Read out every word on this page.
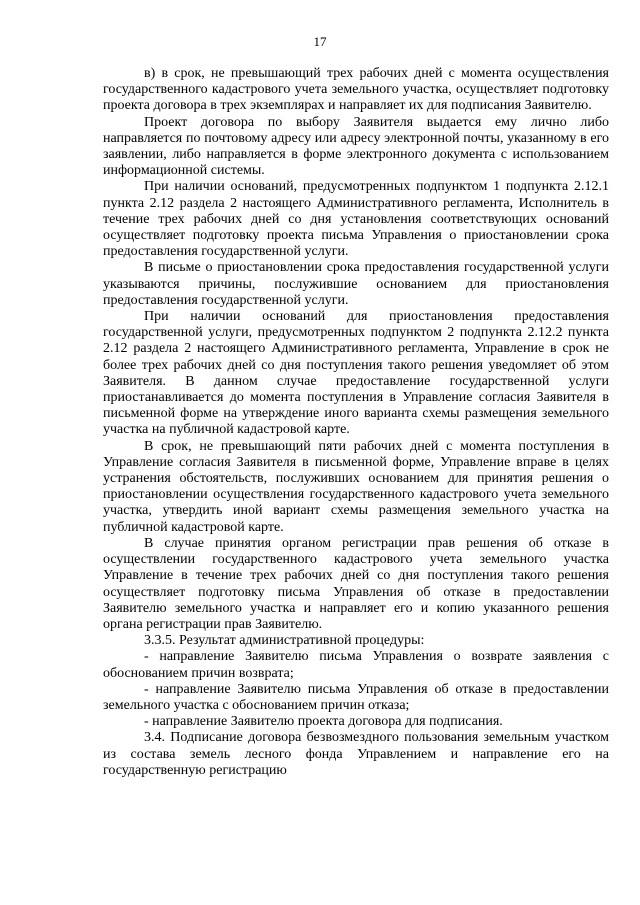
17

в) в срок, не превышающий трех рабочих дней с момента осуществления государственного кадастрового учета земельного участка, осуществляет подготовку проекта договора в трех экземплярах и направляет их для подписания Заявителю.

Проект договора по выбору Заявителя выдается ему лично либо направляется по почтовому адресу или адресу электронной почты, указанному в его заявлении, либо направляется в форме электронного документа с использованием информационной системы.

При наличии оснований, предусмотренных подпунктом 1 подпункта 2.12.1 пункта 2.12 раздела 2 настоящего Административного регламента, Исполнитель в течение трех рабочих дней со дня установления соответствующих оснований осуществляет подготовку проекта письма Управления о приостановлении срока предоставления государственной услуги.

В письме о приостановлении срока предоставления государственной услуги указываются причины, послужившие основанием для приостановления предоставления государственной услуги.

При наличии оснований для приостановления предоставления государственной услуги, предусмотренных подпунктом 2 подпункта 2.12.2 пункта 2.12 раздела 2 настоящего Административного регламента, Управление в срок не более трех рабочих дней со дня поступления такого решения уведомляет об этом Заявителя. В данном случае предоставление государственной услуги приостанавливается до момента поступления в Управление согласия Заявителя в письменной форме на утверждение иного варианта схемы размещения земельного участка на публичной кадастровой карте.

В срок, не превышающий пяти рабочих дней с момента поступления в Управление согласия Заявителя в письменной форме, Управление вправе в целях устранения обстоятельств, послуживших основанием для принятия решения о приостановлении осуществления государственного кадастрового учета земельного участка, утвердить иной вариант схемы размещения земельного участка на публичной кадастровой карте.

В случае принятия органом регистрации прав решения об отказе в осуществлении государственного кадастрового учета земельного участка Управление в течение трех рабочих дней со дня поступления такого решения осуществляет подготовку письма Управления об отказе в предоставлении Заявителю земельного участка и направляет его и копию указанного решения органа регистрации прав Заявителю.

3.3.5. Результат административной процедуры:

- направление Заявителю письма Управления о возврате заявления с обоснованием причин возврата;

- направление Заявителю письма Управления об отказе в предоставлении земельного участка с обоснованием причин отказа;

- направление Заявителю проекта договора для подписания.

3.4. Подписание договора безвозмездного пользования земельным участком из состава земель лесного фонда Управлением и направление его на государственную регистрацию
